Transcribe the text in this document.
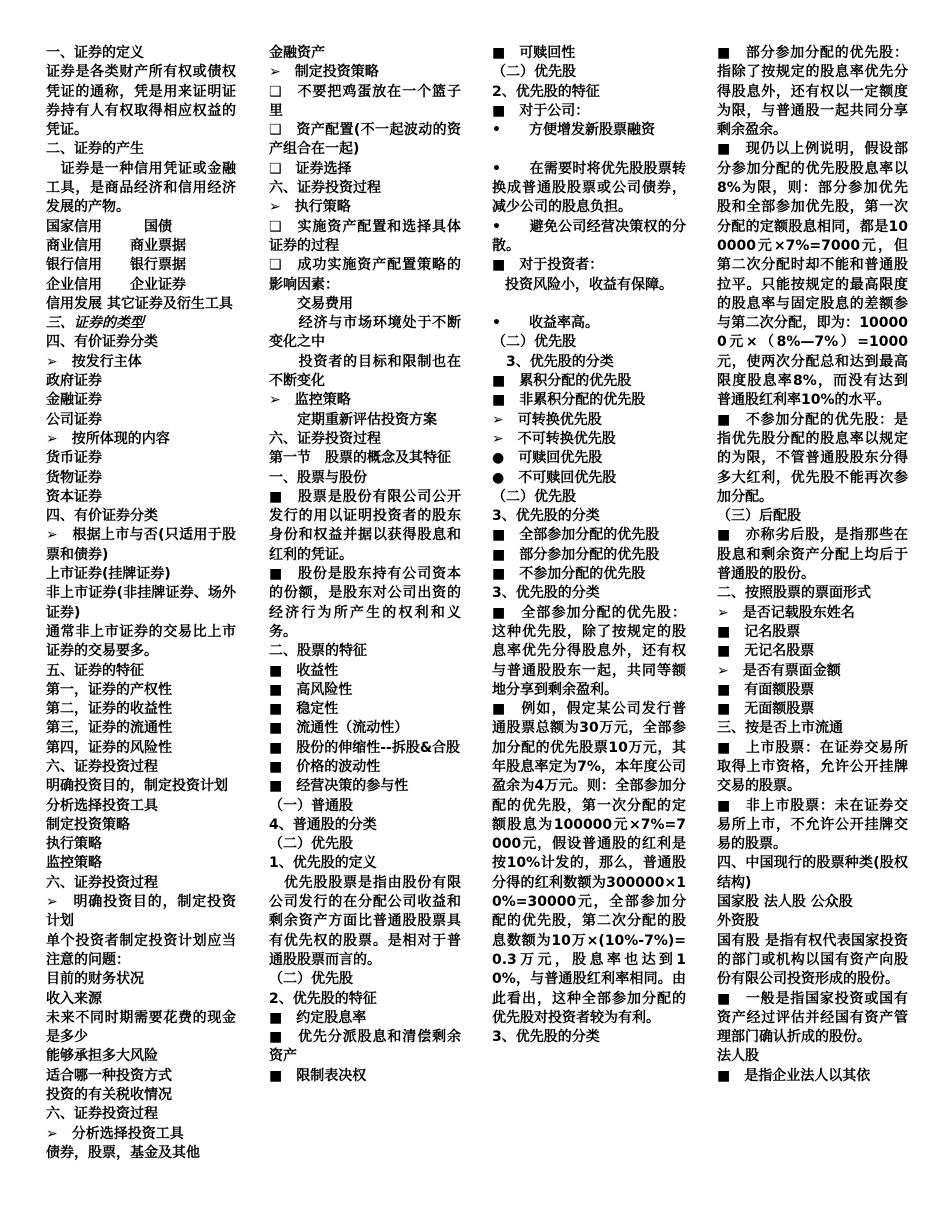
一、证券的定义

证券是各类财产所有权或债权凭证的通称，凭是用来证明证券持有人有权取得相应权益的凭证。

二、证券的产生

　证券是一种信用凭证或金融工具，是商品经济和信用经济发展的产物。

国家信用　　　国债

商业信用　　商业票据

银行信用　　银行票据

企业信用　　企业证券

信用发展 其它证券及衍生工具

三、证券的类型

四、有价证券分类

➢　按发行主体

政府证券

金融证券

公司证券

➢　按所体现的内容

货币证券

货物证券

资本证券

四、有价证券分类

➢　根据上市与否(只适用于股票和债券)

上市证券(挂牌证券)

非上市证券(非挂牌证券、场外证券)

通常非上市证券的交易比上市证券的交易要多。

五、证券的特征

第一，证券的产权性

第二，证券的收益性

第三，证券的流通性

第四，证券的风险性

六、证券投资过程

明确投资目的，制定投资计划

分析选择投资工具

制定投资策略

执行策略

监控策略

六、证券投资过程

➢　明确投资目的，制定投资计划

单个投资者制定投资计划应当注意的问题：

目前的财务状况

收入来源

未来不同时期需要花费的现金是多少

能够承担多大风险

适合哪一种投资方式

投资的有关税收情况

六、证券投资过程

➢　分析选择投资工具

债券，股票，基金及其他

金融资产

➢　制定投资策略

❑　不要把鸡蛋放在一个篮子里

❑　资产配置(不一起波动的资产组合在一起)

❑　证券选择

六、证券投资过程

➢　执行策略

❑　实施资产配置和选择具体证券的过程

❑　成功实施资产配置策略的影响因素：

　　交易费用

　　经济与市场环境处于不断变化之中

　　投资者的目标和限制也在不断变化

➢　监控策略

　　定期重新评估投资方案

六、证券投资过程

第一节　股票的概念及其特征

一、股票与股份

■　股票是股份有限公司公开发行的用以证明投资者的股东身份和权益并据以获得股息和红利的凭证。

■　股份是股东持有公司资本的份额，是股东对公司出资的经济行为所产生的权利和义务。

二、股票的特征

■　收益性

■　高风险性

■　稳定性

■　流通性（流动性）

■　股份的伸缩性--拆股&合股

■　价格的波动性

■　经营决策的参与性

（一）普通股

4、普通股的分类

（二）优先股

1、优先股的定义

　优先股股票是指由股份有限公司发行的在分配公司收益和剩余资产方面比普通股股票具有优先权的股票。是相对于普通股股票而言的。

（二）优先股

2、优先股的特征

■　约定股息率

■　优先分派股息和清偿剩余资产

■　限制表决权

■　可赎回性

（二）优先股

2、优先股的特征

■　对于公司：

•　　方便增发新股票融资

•　　在需要时将优先股股票转换成普通股股票或公司债券，减少公司的股息负担。

•　　避免公司经营决策权的分散。

■　对于投资者：

投资风险小，收益有保障。

•　　收益率高。

（二）优先股

　3、优先股的分类

■　累积分配的优先股

■　非累积分配的优先股

➢　可转换优先股

➢　不可转换优先股

●　可赎回优先股

●　不可赎回优先股

（二）优先股

3、优先股的分类

■　全部参加分配的优先股

■　部分参加分配的优先股

■　不参加分配的优先股

3、优先股的分类

■　全部参加分配的优先股：这种优先股，除了按规定的股息率优先分得股息外，还有权与普通股股东一起，共同等额地分享到剩余盈利。

■　例如，假定某公司发行普通股票总额为30万元，全部参加分配的优先股票10万元，其年股息率定为7%，本年度公司盈余为4万元。则：全部参加分配的优先股，第一次分配的定额股息为100000元×7%=7000元，假设普通股的红利是按10%计发的，那么，普通股分得的红利数额为300000×10%=30000元，全部参加分配的优先股，第二次分配的股息数额为10万×(10%-7%)=0.3万元，股息率也达到10%，与普通股红利率相同。由此看出，这种全部参加分配的优先股对投资者较为有利。

3、优先股的分类

■　部分参加分配的优先股：指除了按规定的股息率优先分得股息外，还有权以一定额度为限，与普通股一起共同分享剩余盈余。

■　现仍以上例说明，假设部分参加分配的优先股股息率以8%为限，则：部分参加优先股和全部参加优先股，第一次分配的定额股息相同，都是100000元×7%=7000元，但第二次分配时却不能和普通股拉平。只能按规定的最高限度的股息率与固定股息的差额参与第二次分配，即为：100000元×（8%—7%）=1000元，使两次分配总和达到最高限度股息率8%，而没有达到普通股红利率10%的水平。

■　不参加分配的优先股：是指优先股分配的股息率以规定的为限，不管普通股股东分得多大红利，优先股不能再次参加分配。

（三）后配股

■　亦称劣后股，是指那些在股息和剩余资产分配上均后于普通股的股份。

二、按照股票的票面形式

➢　是否记载股东姓名

■　记名股票

■　无记名股票

➢　是否有票面金额

■　有面额股票

■　无面额股票

三、按是否上市流通

■　上市股票：在证券交易所取得上市资格，允许公开挂牌交易的股票。

■　非上市股票：未在证券交易所上市，不允许公开挂牌交易的股票。

四、中国现行的股票种类(股权结构)

国家股 法人股 公众股

外资股

国有股 是指有权代表国家投资的部门或机构以国有资产向股份有限公司投资形成的股份。

■　一般是指国家投资或国有资产经过评估并经国有资产管理部门确认折成的股份。

法人股

■　是指企业法人以其依
